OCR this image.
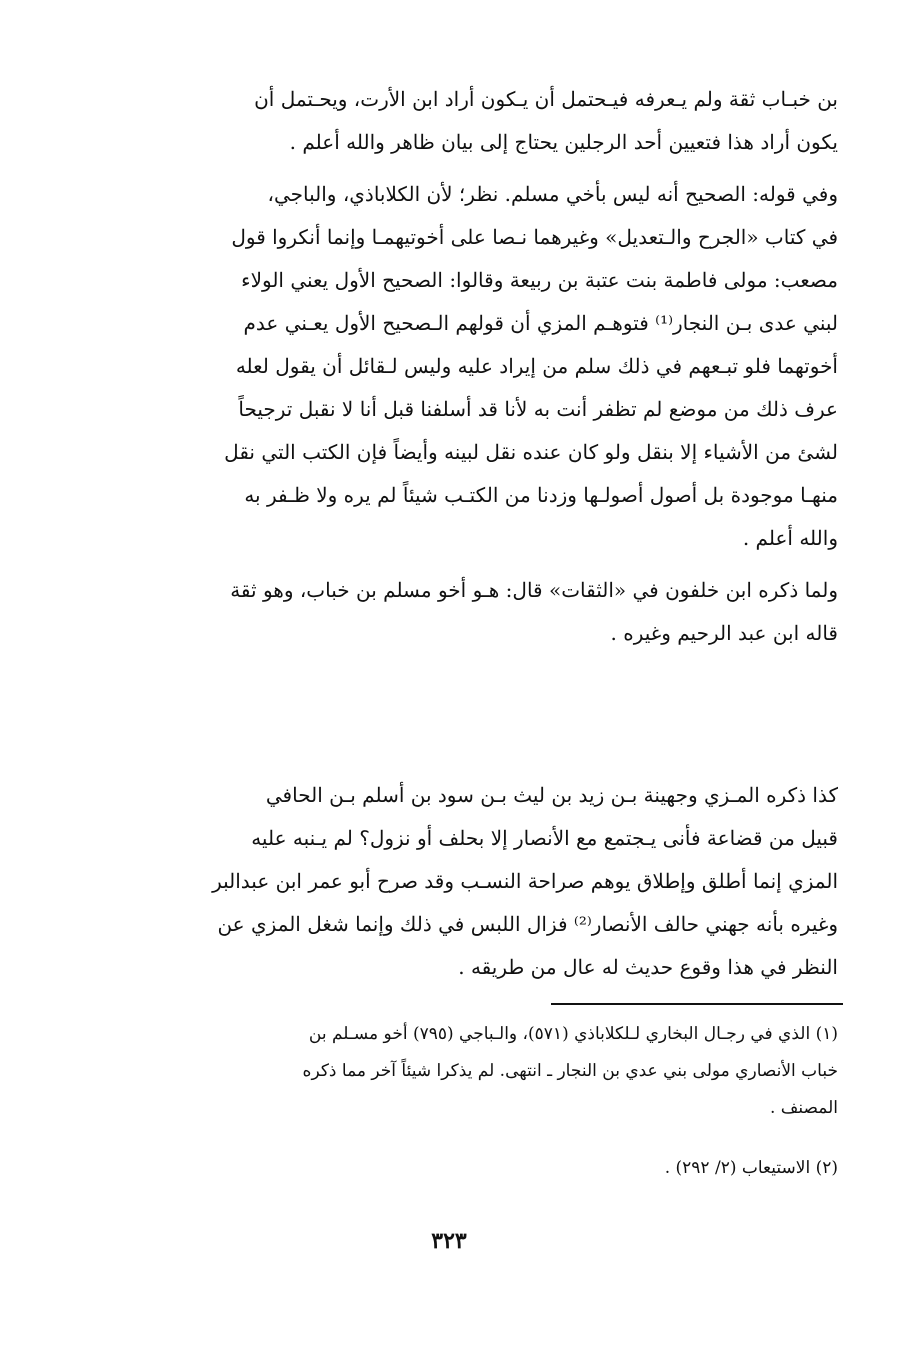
بن خبـاب ثقة ولم يـعرفه فيـحتمل أن يـكون أراد ابن الأرت، ويحـتمل أن
يكون أراد هذا فتعيين أحد الرجلين يحتاج إلى بيان ظاهر والله أعلم .
وفي قوله: الصحيح أنه ليس بأخي مسلم. نظر؛ لأن الكلاباذي، والباجي،
في كتاب «الجرح والـتعديل» وغيرهما نـصا على أخوتيهمـا وإنما أنكروا قول
مصعب: مولى فاطمة بنت عتبة بن ربيعة وقالوا: الصحيح الأول يعني الولاء
لبني عدى بـن النجار⁽¹⁾ فتوهـم المزي أن قولهم الـصحيح الأول يعـني عدم
أخوتهما فلو تبـعهم في ذلك سلم من إيراد عليه وليس لـقائل أن يقول لعله
عرف ذلك من موضع لم تظفر أنت به لأنا قد أسلفنا قبل أنا لا نقبل ترجيحاً
لشئ من الأشياء إلا بنقل ولو كان عنده نقل لبينه وأيضاً فإن الكتب التي نقل
منهـا موجودة بل أصول أصولـها وزدنا من الكتـب شيئاً لم يره ولا ظـفر به
والله أعلم .
ولما ذكره ابن خلفون في «الثقات» قال: هـو أخو مسلم بن خباب، وهو ثقة
قاله ابن عبد الرحيم وغيره .
كذا ذكره المـزي وجهينة بـن زيد بن ليث بـن سود بن أسلم بـن الحافي
قبيل من قضاعة فأنى يـجتمع مع الأنصار إلا بحلف أو نزول؟ لم يـنبه عليه
المزي إنما أطلق وإطلاق يوهم صراحة النسـب وقد صرح أبو عمر ابن عبدالبر
وغيره بأنه جهني حالف الأنصار⁽²⁾ فزال اللبس في ذلك وإنما شغل المزي عن
النظر في هذا وقوع حديث له عال من طريقه .
(١) الذي في رجـال البخاري لـلكلاباذي (٥٧١)، والـباجي (٧٩٥) أخو مسـلم بن
خباب الأنصاري مولى بني عدي بن النجار ـ انتهى. لم يذكرا شيئاً آخر مما ذكره
المصنف .
(٢) الاستيعاب (٢/ ٢٩٢) .
٣٢٣
